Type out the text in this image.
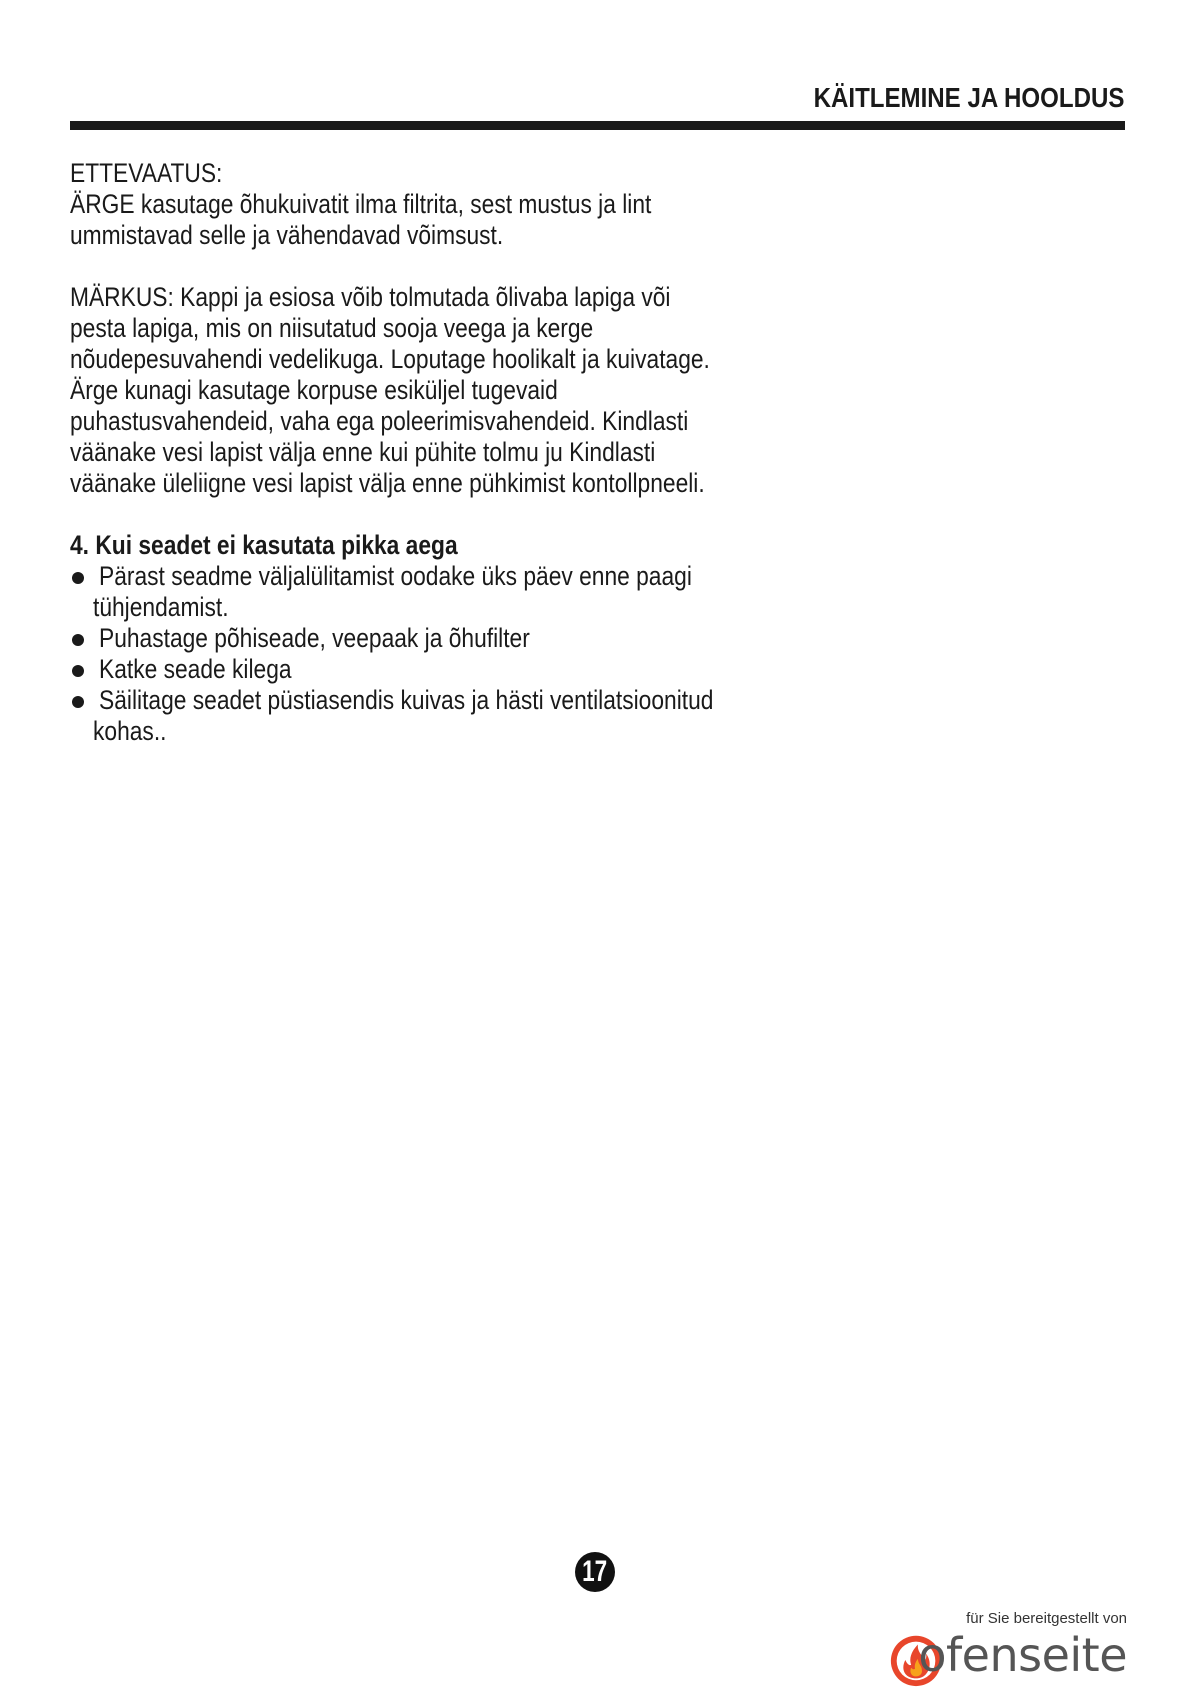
KÄITLEMINE JA HOOLDUS
ETTEVAATUS:
ÄRGE kasutage õhukuivatit ilma filtrita, sest mustus ja lint
ummistavad selle ja vähendavad võimsust.
MÄRKUS: Kappi ja esiosa võib tolmutada õlivaba lapiga või
pesta lapiga, mis on niisutatud sooja veega ja kerge
nõudepesuvahendi vedelikuga. Loputage hoolikalt ja kuivatage.
Ärge kunagi kasutage korpuse esiküljel tugevaid
puhastusvahendeid, vaha ega poleerimisvahendeid. Kindlasti
väänake vesi lapist välja enne kui pühite tolmu ju Kindlasti
väänake üleliigne vesi lapist välja enne pühkimist kontollpneeli.
4. Kui seadet ei kasutata pikka aega
Pärast seadme väljalülitamist oodake üks päev enne paagi
tühjendamist.
Puhastage põhiseade, veepaak ja õhufilter
Katke seade kilega
Säilitage seadet püstiasendis kuivas ja hästi ventilatsioonitud
kohas..
17
für Sie bereitgestellt von
ofenseite
